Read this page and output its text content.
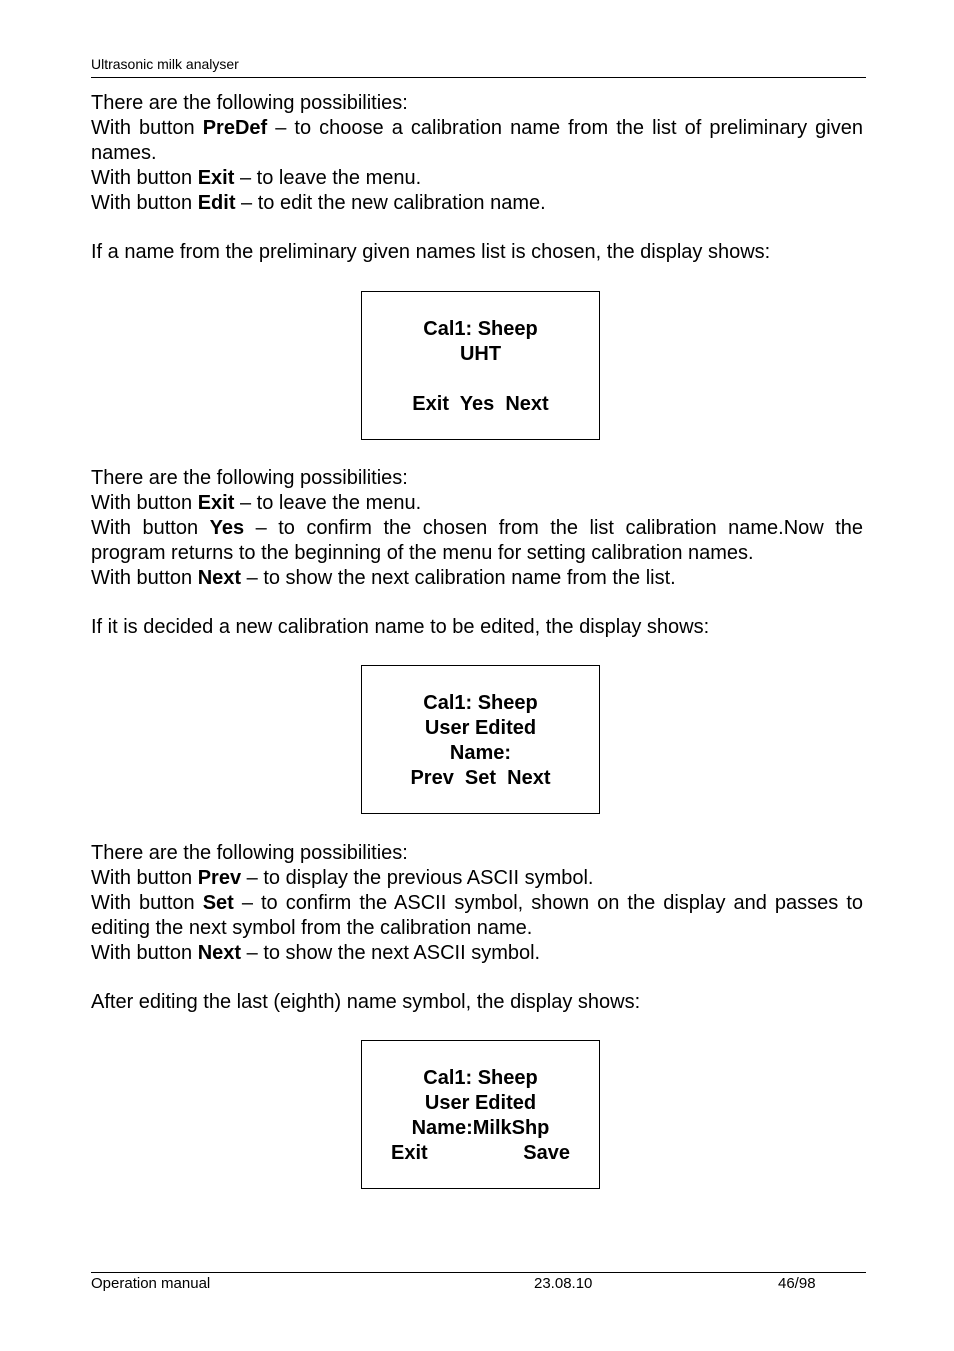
Ultrasonic milk analyser

There are the following possibilities:

With button PreDef – to choose a calibration name from the list of preliminary given names.

With button Exit – to leave the menu.

With button Edit – to edit the new calibration name.

If a name from the preliminary given names list is chosen, the display shows:

Cal1: Sheep
UHT
Exit  Yes  Next

There are the following possibilities:

With button Exit – to leave the menu.

With button Yes – to confirm the chosen from the list calibration name.Now the program returns to the beginning of the menu for setting calibration names.

With button Next – to show the next calibration name from the list.

If it is decided a new calibration name to be edited, the display shows:

Cal1: Sheep
User Edited
Name:
Prev  Set  Next

There are the following possibilities:

With button Prev – to display the previous ASCII symbol.

With button Set – to confirm the ASCII symbol, shown on the display and passes to editing the next symbol from the calibration name.

With button Next – to show the next ASCII symbol.

After editing the last (eighth) name symbol, the display shows:

Cal1: Sheep
User Edited
Name:MilkShp
Exit	Save
Operation manual	23.08.10	46/98
